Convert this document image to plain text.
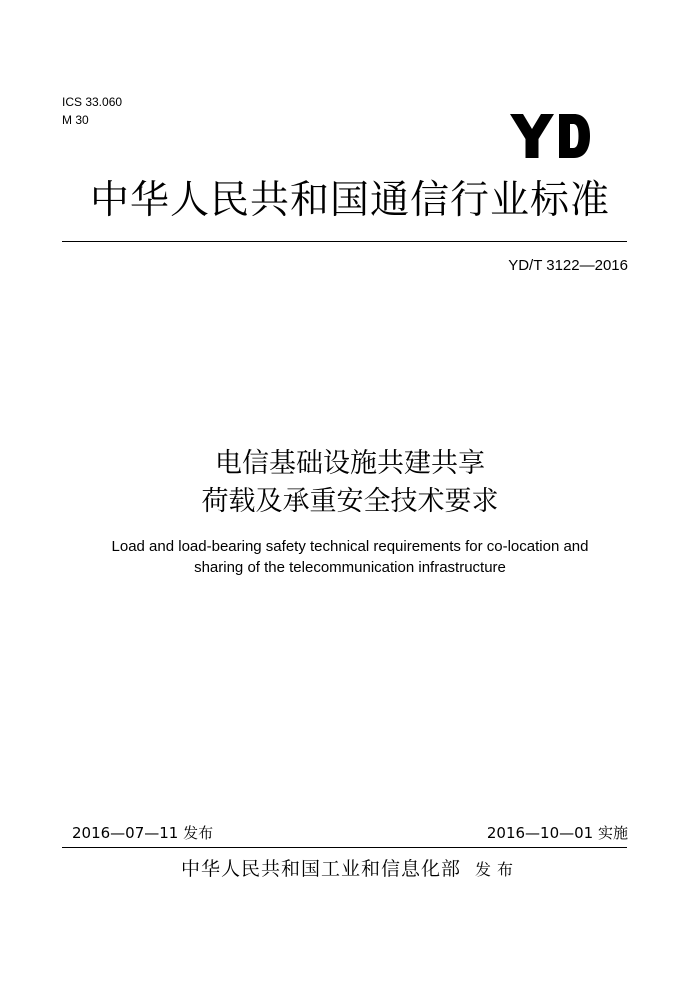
ICS 33.060
M 30
中华人民共和国通信行业标准
YD/T 3122—2016
电信基础设施共建共享
荷载及承重安全技术要求
Load and load-bearing safety technical requirements for co-location and
sharing of the telecommunication infrastructure
2016—07—11 发布	2016—10—01 实施
中华人民共和国工业和信息化部 发布
